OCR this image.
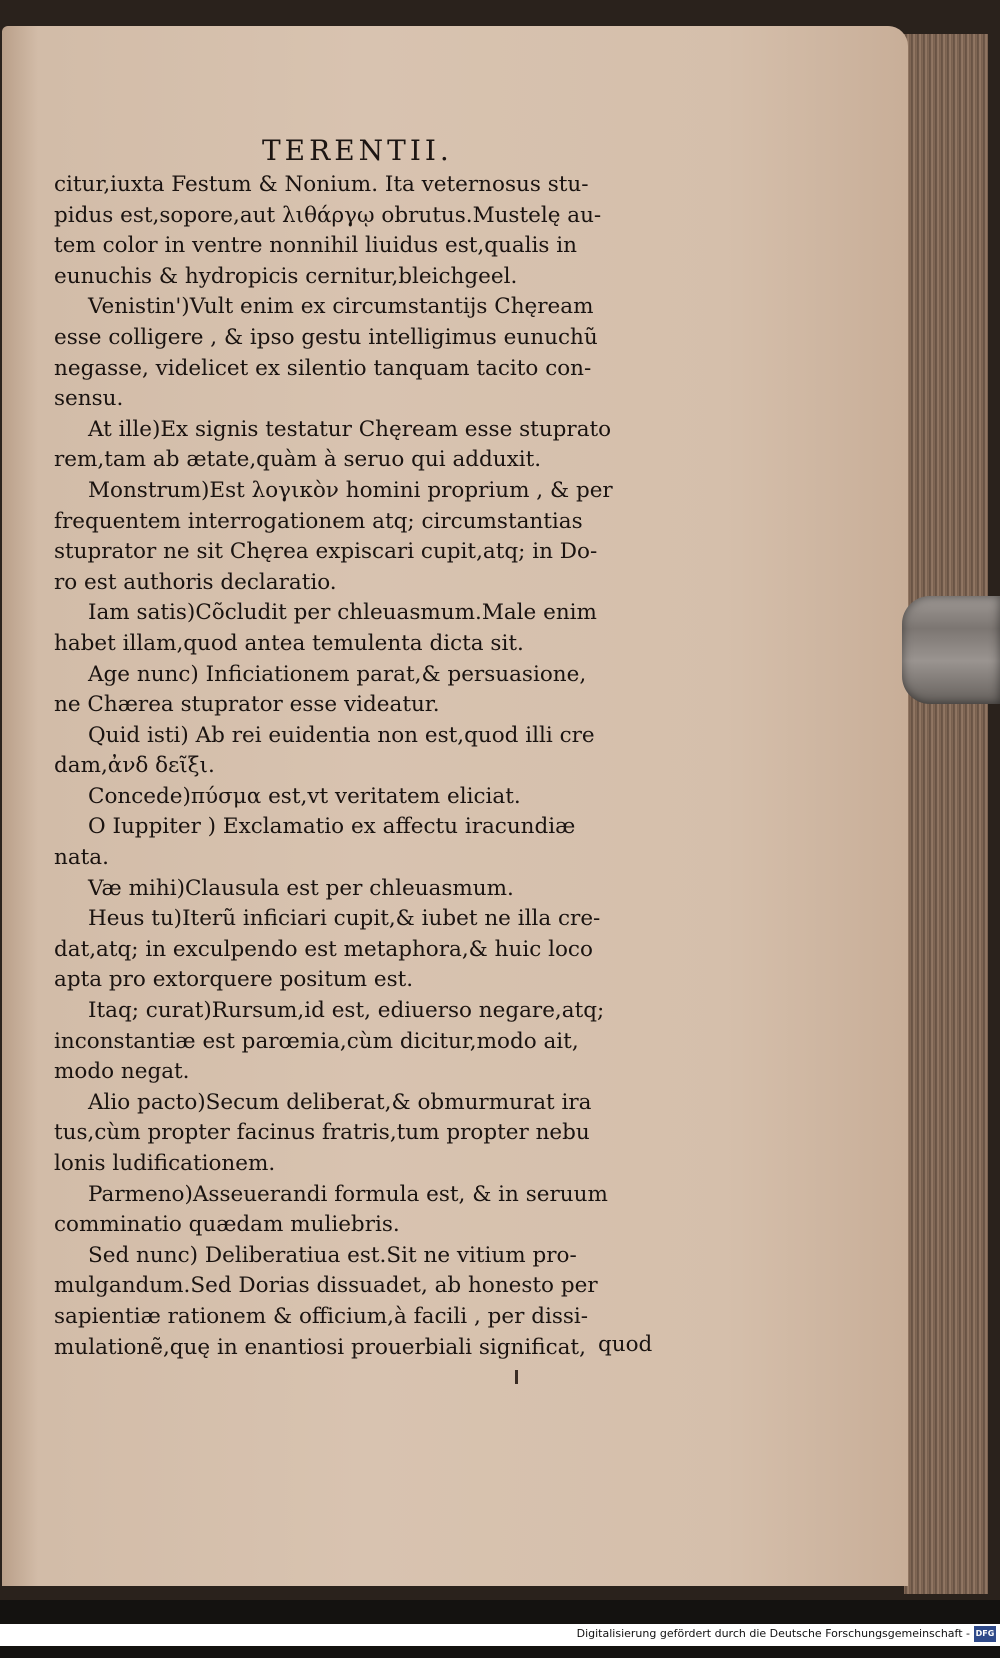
TERENTII.
citur,iuxta Festum & Nonium. Ita veternosus stu-
pidus est,sopore,aut λιθάργῳ obrutus.Mustelę au-
tem color in ventre nonnihil liuidus est,qualis in
eunuchis & hydropicis cernitur,bleichgeel.
Venistin')Vult enim ex circumstantijs Chęream
esse colligere , & ipso gestu intelligimus eunuchũ
negasse, videlicet ex silentio tanquam tacito con-
sensu.
At ille)Ex signis testatur Chęream esse stuprato
rem,tam ab ætate,quàm à seruo qui adduxit.
Monstrum)Est λογικὸν homini proprium , & per
frequentem interrogationem atq; circumstantias
stuprator ne sit Chęrea expiscari cupit,atq; in Do-
ro est authoris declaratio.
Iam satis)Cõcludit per chleuasmum.Male enim
habet illam,quod antea temulenta dicta sit.
Age nunc) Inficiationem parat,& persuasione,
ne Chærea stuprator esse videatur.
Quid isti) Ab rei euidentia non est,quod illi cre
dam,ἀνδ δεῖξι.
Concede)πύσμα est,vt veritatem eliciat.
O Iuppiter ) Exclamatio ex affectu iracundiæ
nata.
Væ mihi)Clausula est per chleuasmum.
Heus tu)Iterũ inficiari cupit,& iubet ne illa cre-
dat,atq; in exculpendo est metaphora,& huic loco
apta pro extorquere positum est.
Itaq; curat)Rursum,id est, ediuerso negare,atq;
inconstantiæ est parœmia,cùm dicitur,modo ait,
modo negat.
Alio pacto)Secum deliberat,& obmurmurat ira
tus,cùm propter facinus fratris,tum propter nebu
lonis ludificationem.
Parmeno)Asseuerandi formula est, & in seruum
comminatio quædam muliebris.
Sed nunc) Deliberatiua est.Sit ne vitium pro-
mulgandum.Sed Dorias dissuadet, ab honesto per
sapientiæ rationem & officium,à facili , per dissi-
mulationẽ,quę in enantiosi prouerbiali significat, quod
Digitalisierung gefördert durch die Deutsche Forschungsgemeinschaft - DFG
